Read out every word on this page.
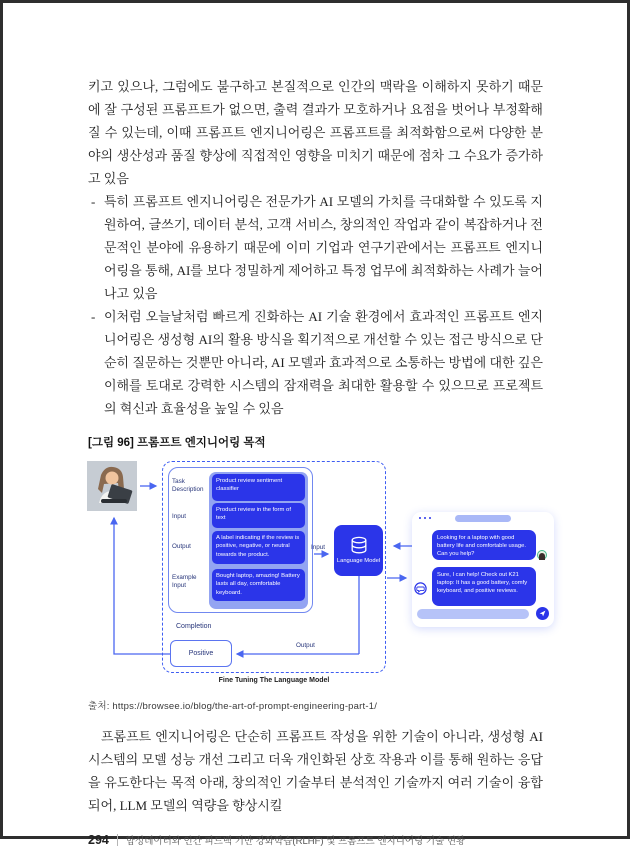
키고 있으나, 그럼에도 불구하고 본질적으로 인간의 맥락을 이해하지 못하기 때문에 잘 구성된 프롬프트가 없으면, 출력 결과가 모호하거나 요점을 벗어나 부정확해질 수 있는데, 이때 프롬프트 엔지니어링은 프롬프트를 최적화함으로써 다양한 분야의 생산성과 품질 향상에 직접적인 영향을 미치기 때문에 점차 그 수요가 증가하고 있음

- 특히 프롬프트 엔지니어링은 전문가가 AI 모델의 가치를 극대화할 수 있도록 지원하여, 글쓰기, 데이터 분석, 고객 서비스, 창의적인 작업과 같이 복잡하거나 전문적인 분야에 유용하기 때문에 이미 기업과 연구기관에서는 프롬프트 엔지니어링을 통해, AI를 보다 정밀하게 제어하고 특정 업무에 최적화하는 사례가 늘어나고 있음
- 이처럼 오늘날처럼 빠르게 진화하는 AI 기술 환경에서 효과적인 프롬프트 엔지니어링은 생성형 AI의 활용 방식을 획기적으로 개선할 수 있는 접근 방식으로 단순히 질문하는 것뿐만 아니라, AI 모델과 효과적으로 소통하는 방법에 대한 깊은 이해를 토대로 강력한 시스템의 잠재력을 최대한 활용할 수 있으므로 프로젝트의 혁신과 효율성을 높일 수 있음
[그림 96] 프롬프트 엔지니어링 목적
Task Description
Input
Output
Example Input
Product review sentiment classifier
Product review in the form of text
A label indicating if the review is positive, negative, or neutral towards the product.
Bought laptop, amazing! Battery lasts all day, comfortable keyboard.
Input
Language Model
Completion
Positive
Output
Fine Tuning The Language Model
Looking for a laptop with good battery life and comfortable usage. Can you help?
Sure, I can help! Check out K21 laptop: It has a good battery, comfy keyboard, and positive reviews.
출처: https://browsee.io/blog/the-art-of-prompt-engineering-part-1/

프롬프트 엔지니어링은 단순히 프롬프트 작성을 위한 기술이 아니라, 생성형 AI 시스템의 모델 성능 개선 그리고 더욱 개인화된 상호 작용과 이를 통해 원하는 응답을 유도한다는 목적 아래, 창의적인 기술부터 분석적인 기술까지 여러 기술이 융합되어, LLM 모델의 역량을 향상시킬

294 합성데이터와 인간 피드백 기반 강화학습(RLHF) 및 프롬프트 엔지니어링 기술 현황
